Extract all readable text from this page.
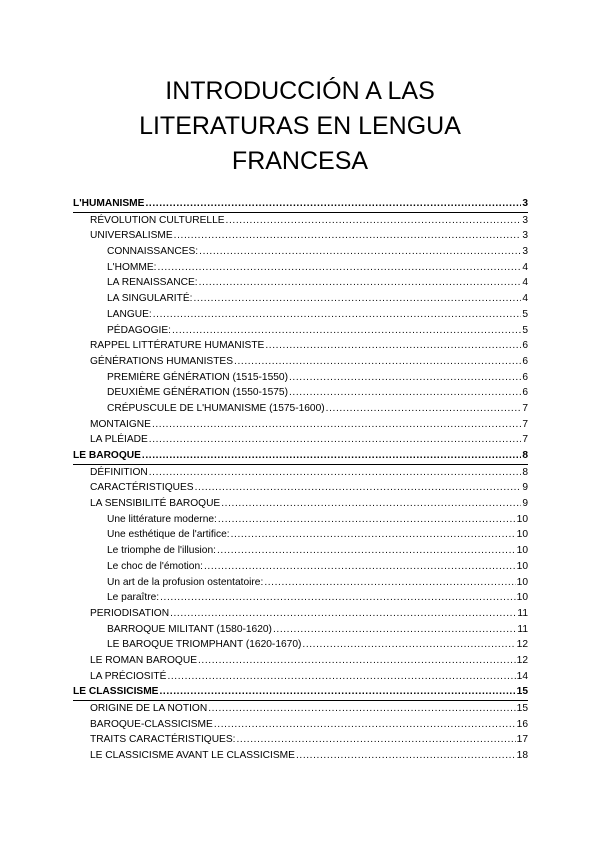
INTRODUCCIÓN A LAS
LITERATURAS EN LENGUA
FRANCESA
L'HUMANISME .....	3
RÉVOLUTION CULTURELLE .....	3
UNIVERSALISME .....	3
CONNAISSANCES: .....	3
L'HOMME: .....	4
LA RENAISSANCE: .....	4
LA SINGULARITÉ: .....	4
LANGUE: .....	5
PÉDAGOGIE: .....	5
RAPPEL LITTÉRATURE HUMANISTE .....	6
GÉNÉRATIONS HUMANISTES .....	6
PREMIÈRE GÉNÉRATION (1515-1550) .....	6
DEUXIÈME GÉNÉRATION (1550-1575) .....	6
CRÉPUSCULE DE L'HUMANISME (1575-1600) .....	7
MONTAIGNE .....	7
LA PLÉIADE .....	7
LE BAROQUE .....	8
DÉFINITION .....	8
CARACTÉRISTIQUES .....	9
LA SENSIBILITÉ BAROQUE .....	9
Une littérature moderne: .....	10
Une esthétique de l'artifice: .....	10
Le triomphe de l'illusion: .....	10
Le choc de l'émotion: .....	10
Un art de la profusion ostentatoire: .....	10
Le paraître: .....	10
PERIODISATION .....	11
BARROQUE MILITANT (1580-1620) .....	11
LE BAROQUE TRIOMPHANT (1620-1670) .....	12
LE ROMAN BAROQUE .....	12
LA PRÉCIOSITÉ .....	14
LE CLASSICISME .....	15
ORIGINE DE LA NOTION .....	15
BAROQUE-CLASSICISME .....	16
TRAITS CARACTÉRISTIQUES: .....	17
LE CLASSICISME AVANT LE CLASSICISME .....	18
